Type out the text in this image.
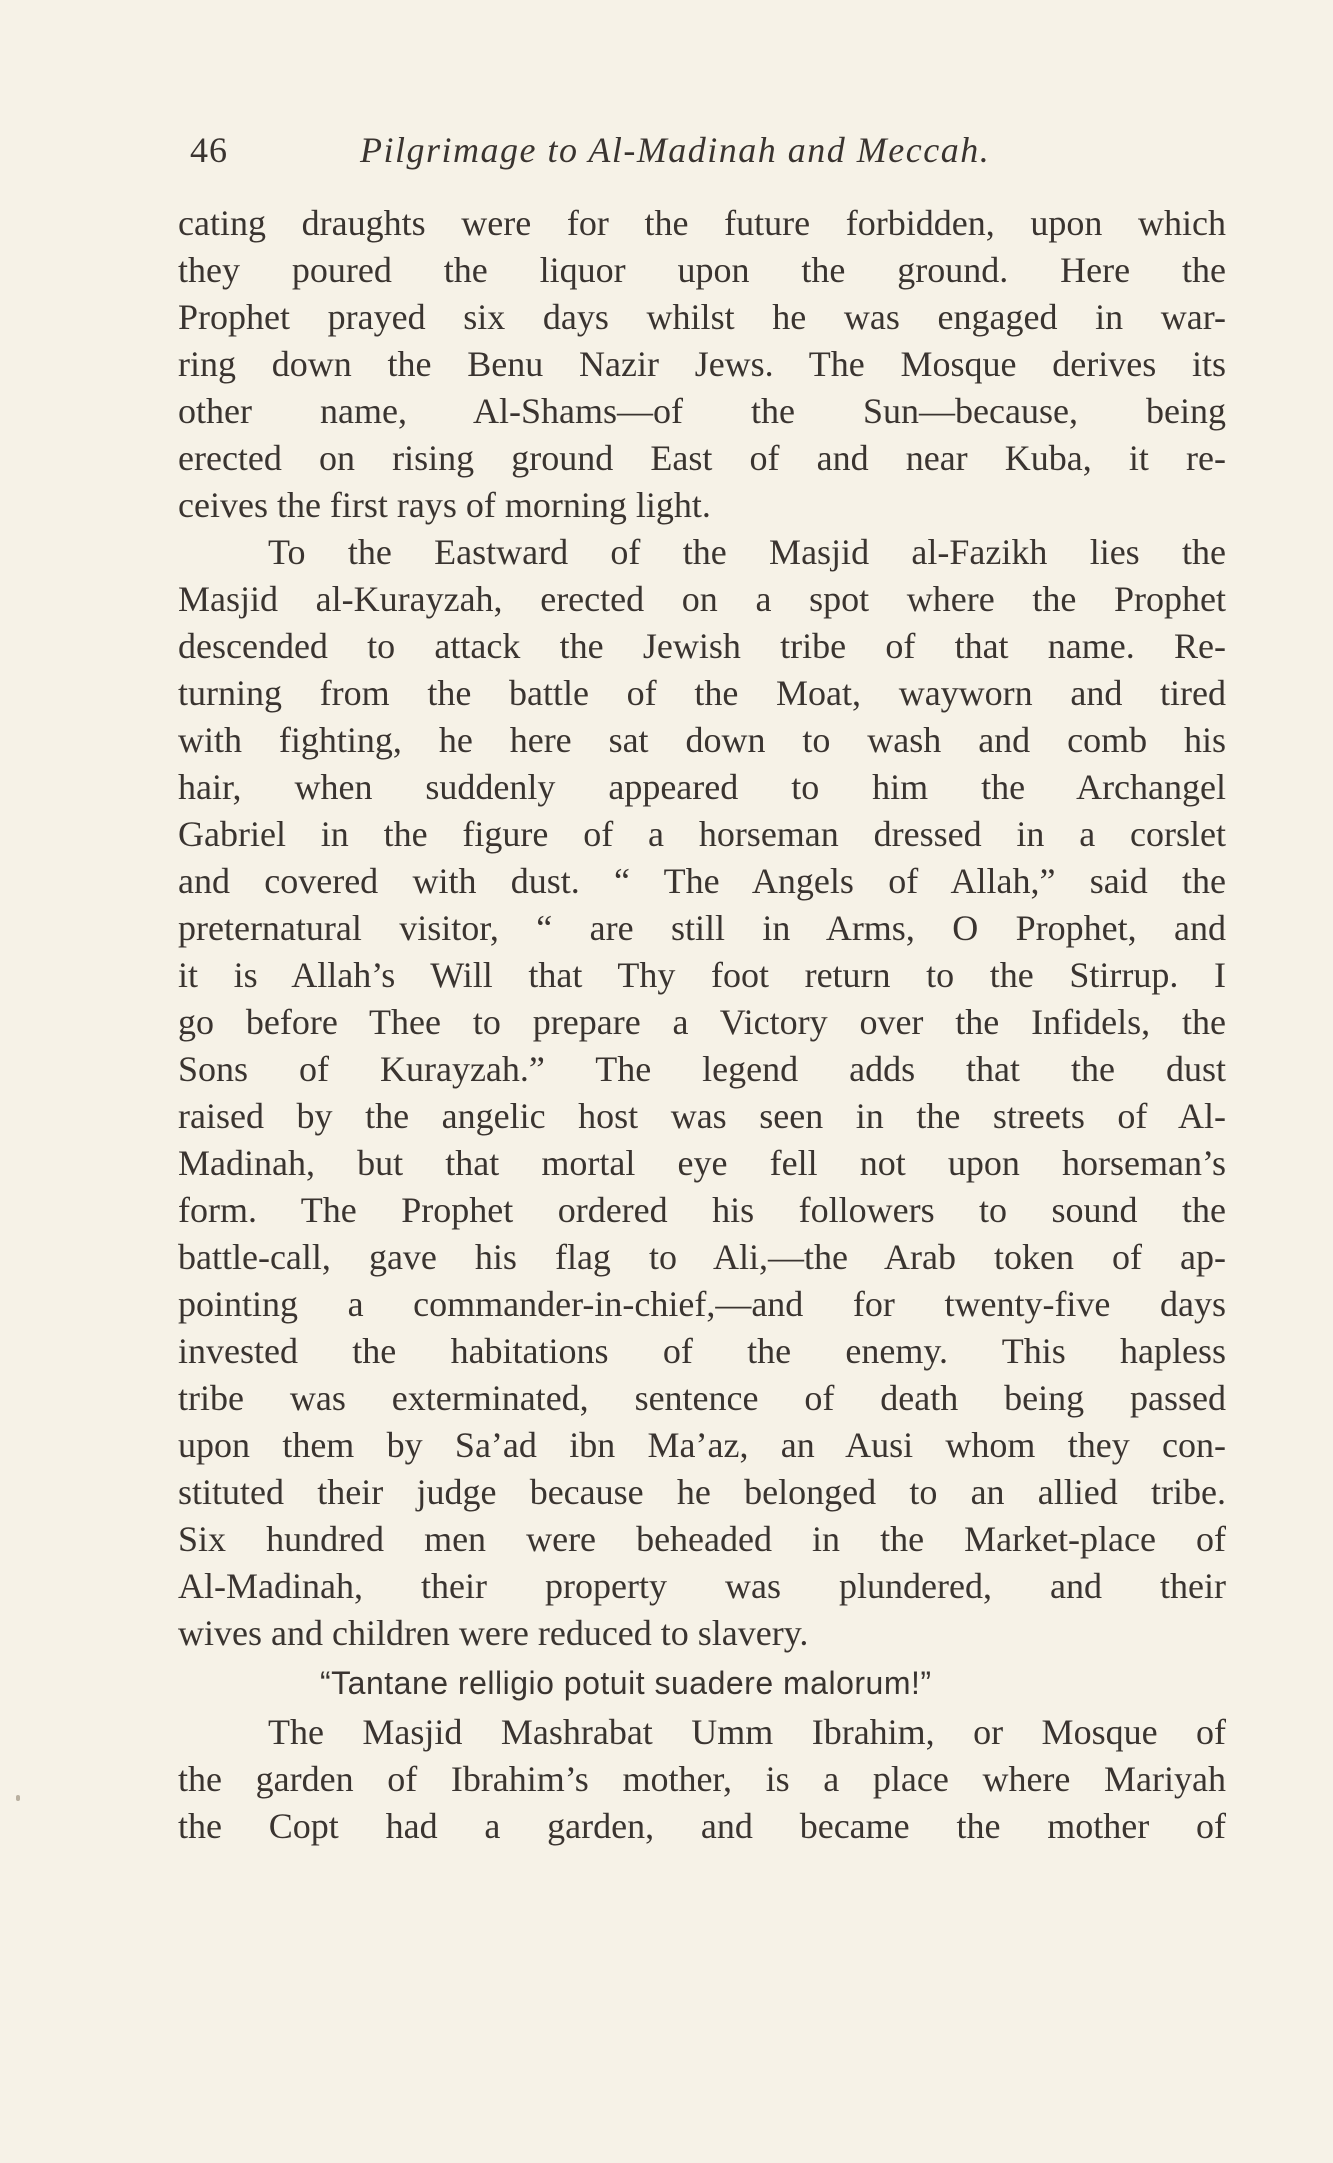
46	Pilgrimage to Al-Madinah and Meccah.
cating draughts were for the future forbidden, upon which
they poured the liquor upon the ground. Here the
Prophet prayed six days whilst he was engaged in war-
ring down the Benu Nazir Jews. The Mosque derives its
other name, Al-Shams—of the Sun—because, being
erected on rising ground East of and near Kuba, it re-
ceives the first rays of morning light.
To the Eastward of the Masjid al-Fazikh lies the
Masjid al-Kurayzah, erected on a spot where the Prophet
descended to attack the Jewish tribe of that name. Re-
turning from the battle of the Moat, wayworn and tired
with fighting, he here sat down to wash and comb his
hair, when suddenly appeared to him the Archangel
Gabriel in the figure of a horseman dressed in a corslet
and covered with dust. “ The Angels of Allah,” said the
preternatural visitor, “ are still in Arms, O Prophet, and
it is Allah’s Will that Thy foot return to the Stirrup. I
go before Thee to prepare a Victory over the Infidels, the
Sons of Kurayzah.” The legend adds that the dust
raised by the angelic host was seen in the streets of Al-
Madinah, but that mortal eye fell not upon horseman’s
form. The Prophet ordered his followers to sound the
battle-call, gave his flag to Ali,—the Arab token of ap-
pointing a commander-in-chief,—and for twenty-five days
invested the habitations of the enemy. This hapless
tribe was exterminated, sentence of death being passed
upon them by Sa’ad ibn Ma’az, an Ausi whom they con-
stituted their judge because he belonged to an allied tribe.
Six hundred men were beheaded in the Market-place of
Al-Madinah, their property was plundered, and their
wives and children were reduced to slavery.
“Tantane relligio potuit suadere malorum!”
The Masjid Mashrabat Umm Ibrahim, or Mosque of
the garden of Ibrahim’s mother, is a place where Mariyah
the Copt had a garden, and became the mother of
